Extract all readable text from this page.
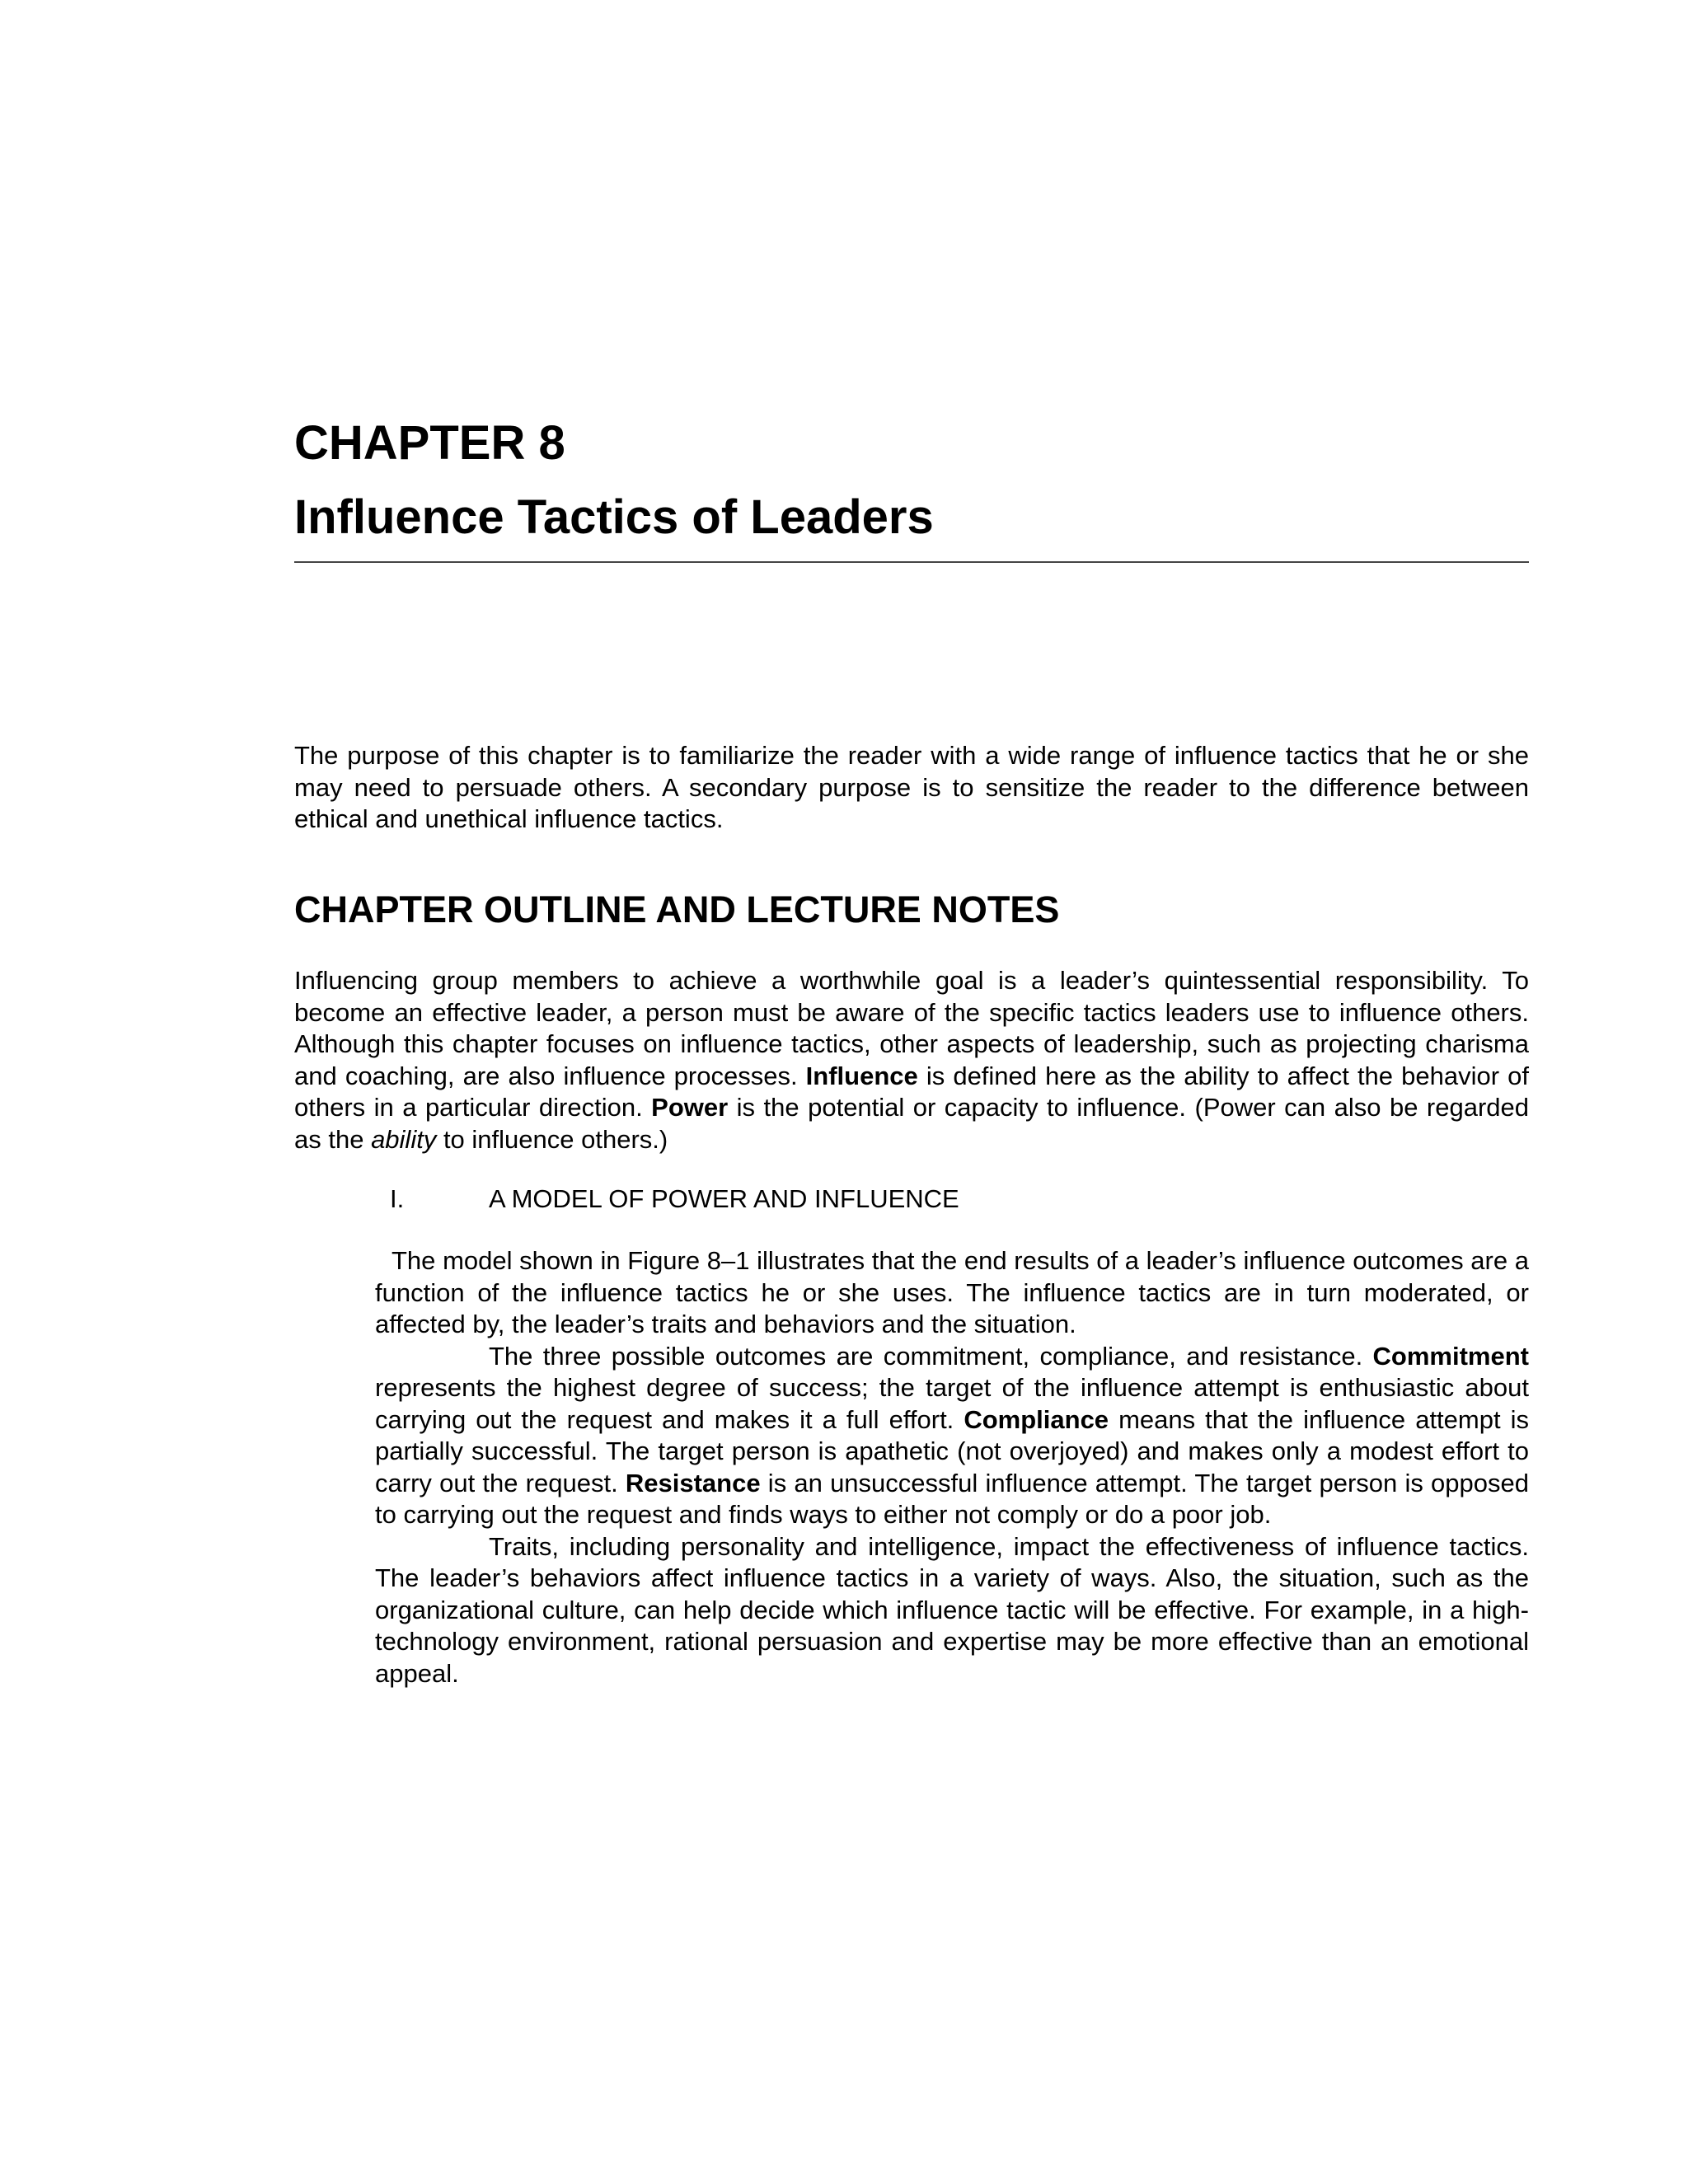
CHAPTER 8
Influence Tactics of Leaders

The purpose of this chapter is to familiarize the reader with a wide range of influence tactics that he or she may need to persuade others. A secondary purpose is to sensitize the reader to the difference between ethical and unethical influence tactics.

CHAPTER OUTLINE AND LECTURE NOTES

Influencing group members to achieve a worthwhile goal is a leader’s quintessential responsibility. To become an effective leader, a person must be aware of the specific tactics leaders use to influence others. Although this chapter focuses on influence tactics, other aspects of leadership, such as projecting charisma and coaching, are also influence processes. Influence is defined here as the ability to affect the behavior of others in a particular direction. Power is the potential or capacity to influence. (Power can also be regarded as the ability to influence others.)

I.	A MODEL OF POWER AND INFLUENCE

The model shown in Figure 8–1 illustrates that the end results of a leader’s influence outcomes are a function of the influence tactics he or she uses. The influence tactics are in turn moderated, or affected by, the leader’s traits and behaviors and the situation.

The three possible outcomes are commitment, compliance, and resistance. Commitment represents the highest degree of success; the target of the influence attempt is enthusiastic about carrying out the request and makes it a full effort. Compliance means that the influence attempt is partially successful. The target person is apathetic (not overjoyed) and makes only a modest effort to carry out the request. Resistance is an unsuccessful influence attempt. The target person is opposed to carrying out the request and finds ways to either not comply or do a poor job.

Traits, including personality and intelligence, impact the effectiveness of influence tactics. The leader’s behaviors affect influence tactics in a variety of ways. Also, the situation, such as the organizational culture, can help decide which influence tactic will be effective. For example, in a high-technology environment, rational persuasion and expertise may be more effective than an emotional appeal.
